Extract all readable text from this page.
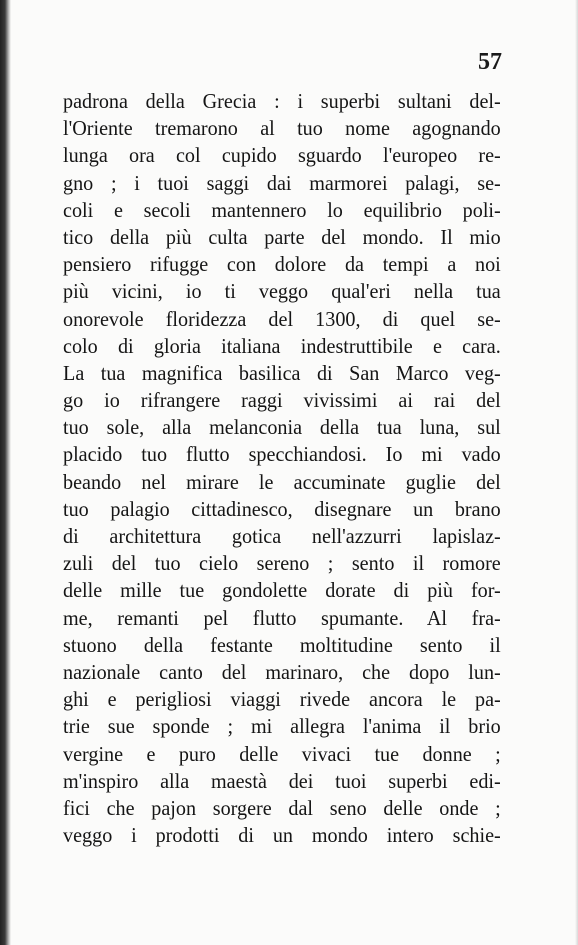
57
padrona della Grecia : i superbi sultani del-
l'Oriente tremarono al tuo nome agognando
lunga ora col cupido sguardo l'europeo re-
gno ; i tuoi saggi dai marmorei palagi, se-
coli e secoli mantennero lo equilibrio poli-
tico della più culta parte del mondo. Il mio
pensiero rifugge con dolore da tempi a noi
più vicini, io ti veggo qual'eri nella tua
onorevole floridezza del 1300, di quel se-
colo di gloria italiana indestruttibile e cara.
La tua magnifica basilica di San Marco veg-
go io rifrangere raggi vivissimi ai rai del
tuo sole, alla melanconia della tua luna, sul
placido tuo flutto specchiandosi. Io mi vado
beando nel mirare le accuminate guglie del
tuo palagio cittadinesco, disegnare un brano
di architettura gotica nell'azzurri lapislaz-
zuli del tuo cielo sereno ; sento il romore
delle mille tue gondolette dorate di più for-
me, remanti pel flutto spumante. Al fra-
stuono della festante moltitudine sento il
nazionale canto del marinaro, che dopo lun-
ghi e perigliosi viaggi rivede ancora le pa-
trie sue sponde ; mi allegra l'anima il brio
vergine e puro delle vivaci tue donne ;
m'inspiro alla maestà dei tuoi superbi edi-
fici che pajon sorgere dal seno delle onde ;
veggo i prodotti di un mondo intero schie-
